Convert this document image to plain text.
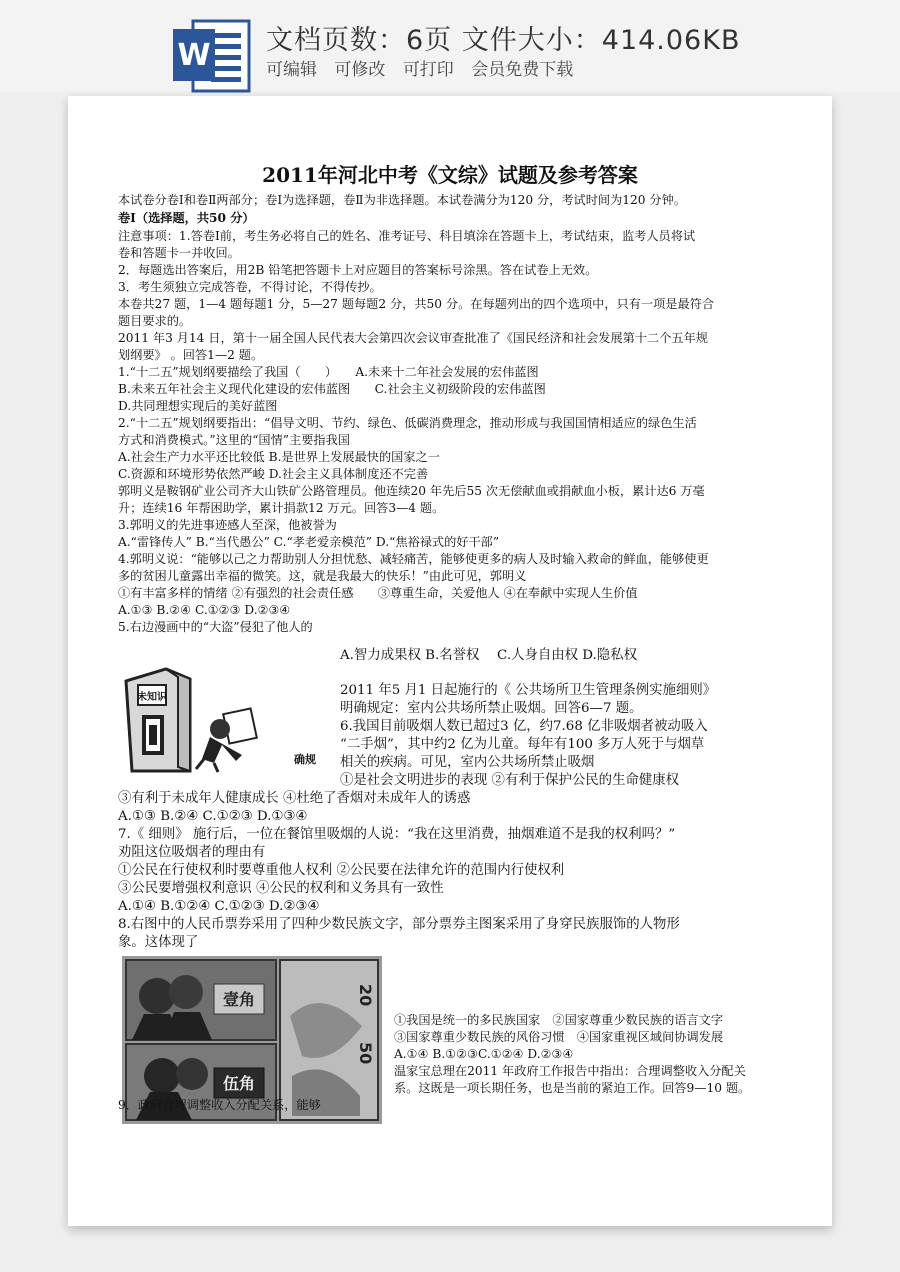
W 文档页数：6页 文件大小：414.06KB
可编辑 可修改 可打印 会员免费下载
2011年河北中考《文综》试题及参考答案
本试卷分卷Ⅰ和卷Ⅱ两部分；卷Ⅰ为选择题，卷Ⅱ为非选择题。本试卷满分为120 分，考试时间为120 分钟。
卷Ⅰ（选择题，共50 分）
注意事项：1.答卷Ⅰ前，考生务必将自己的姓名、准考证号、科目填涂在答题卡上，考试结束，监考人员将试
卷和答题卡一并收回。
2．每题选出答案后，用2B 铅笔把答题卡上对应题目的答案标号涂黑。答在试卷上无效。
3．考生须独立完成答卷，不得讨论，不得传抄。
本卷共27 题，1—4 题每题1 分，5—27 题每题2 分，共50 分。在每题列出的四个选项中，只有一项是最符合
题目要求的。
2011 年3 月14 日，第十一届全国人民代表大会第四次会议审查批准了《国民经济和社会发展第十二个五年规
划纲要》 。回答1—2 题。
1.“十二五”规划纲要描绘了我国（　　）　　A.未来十二年社会发展的宏伟蓝图
B.未来五年社会主义现代化建设的宏伟蓝图　　C.社会主义初级阶段的宏伟蓝图
D.共同理想实现后的美好蓝图
2.“十二五”规划纲要指出：“倡导文明、节约、绿色、低碳消费理念，推动形成与我国国情相适应的绿色生活
方式和消费模式。”这里的“国情”主要指我国
A.社会生产力水平还比较低 B.是世界上发展最快的国家之一
C.资源和环境形势依然严峻 D.社会主义具体制度还不完善
郭明义是鞍钢矿业公司齐大山铁矿公路管理员。他连续20 年先后55 次无偿献血或捐献血小板，累计达6 万毫
升；连续16 年帮困助学，累计捐款12 万元。回答3—4 题。
3.郭明义的先进事迹感人至深，他被誉为
A.“雷锋传人” B.“当代愚公” C.“孝老爱亲模范” D.“焦裕禄式的好干部”
4.郭明义说：“能够以己之力帮助别人分担忧愁、减轻痛苦，能够使更多的病人及时输入救命的鲜血，能够使更
多的贫困儿童露出幸福的微笑。这，就是我最大的快乐！”由此可见，郭明义
①有丰富多样的情绪 ②有强烈的社会责任感　　③尊重生命，关爱他人 ④在奉献中实现人生价值
A.①③ B.②④ C.①②③ D.②③④
5.右边漫画中的“大盗”侵犯了他人的
未知识
确规
A.智力成果权 B.名誉权　 C.人身自由权 D.隐私权
2011 年5 月1 日起施行的《 公共场所卫生管理条例实施细则》
明确规定：室内公共场所禁止吸烟。回答6—7 题。
6.我国目前吸烟人数已超过3 亿，约7.68 亿非吸烟者被动吸入
“二手烟”，其中约2 亿为儿童。每年有100 多万人死于与烟草
相关的疾病。可见，室内公共场所禁止吸烟
①是社会文明进步的表现 ②有利于保护公民的生命健康权
③有利于未成年人健康成长 ④杜绝了香烟对未成年人的诱惑
A.①③ B.②④ C.①②③ D.①③④
7.《 细则》 施行后，一位在餐馆里吸烟的人说：“我在这里消费，抽烟难道不是我的权利吗？”
劝阻这位吸烟者的理由有
①公民在行使权利时要尊重他人权利 ②公民要在法律允许的范围内行使权利
③公民要增强权利意识 ④公民的权利和义务具有一致性
A.①④ B.①②④ C.①②③ D.②③④
8.右图中的人民币票券采用了四种少数民族文字，部分票券主图案采用了身穿民族服饰的人物形
象。这体现了
壹角
伍角
20
50
①我国是统一的多民族国家　②国家尊重少数民族的语言文字
③国家尊重少数民族的风俗习惯　④国家重视区域间协调发展
A.①④ B.①②③C.①②④ D.②③④
温家宝总理在2011 年政府工作报告中指出：合理调整收入分配关
系。这既是一项长期任务，也是当前的紧迫工作。回答9—10 题。
9．政府合理调整收入分配关系，能够
